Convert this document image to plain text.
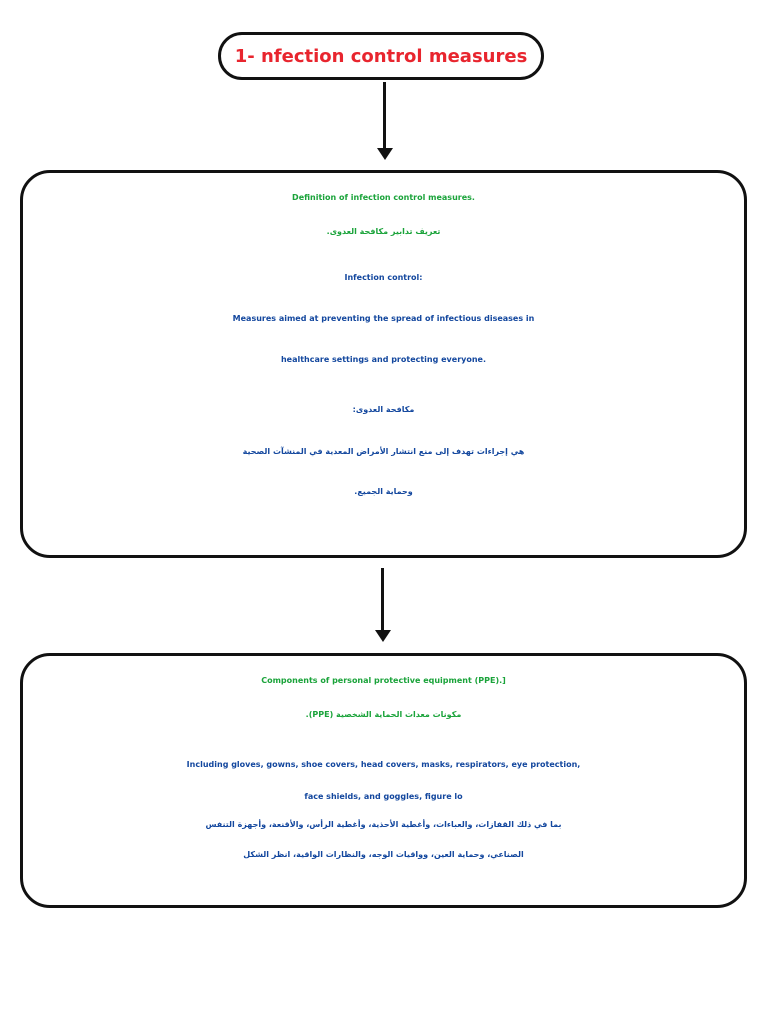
1- nfection control measures
Definition of infection control measures.
تعريف تدابير مكافحة العدوى.
Infection control:
Measures aimed at preventing the spread of infectious diseases in
healthcare settings and protecting everyone.
مكافحة العدوى:
هي إجراءات تهدف إلى منع انتشار الأمراض المعدية في المنشآت الصحية
وحماية الجميع.
Components of personal protective equipment (PPE).]
مكونات معدات الحماية الشخصية (PPE).
Including gloves, gowns, shoe covers, head covers, masks, respirators, eye protection,
face shields, and goggles, figure lo
بما في ذلك القفازات، والعباءات، وأغطية الأحذية، وأغطية الرأس، والأقنعة، وأجهزة التنفس
الصناعي، وحماية العين، وواقيات الوجه، والنظارات الواقية، انظر الشكل
